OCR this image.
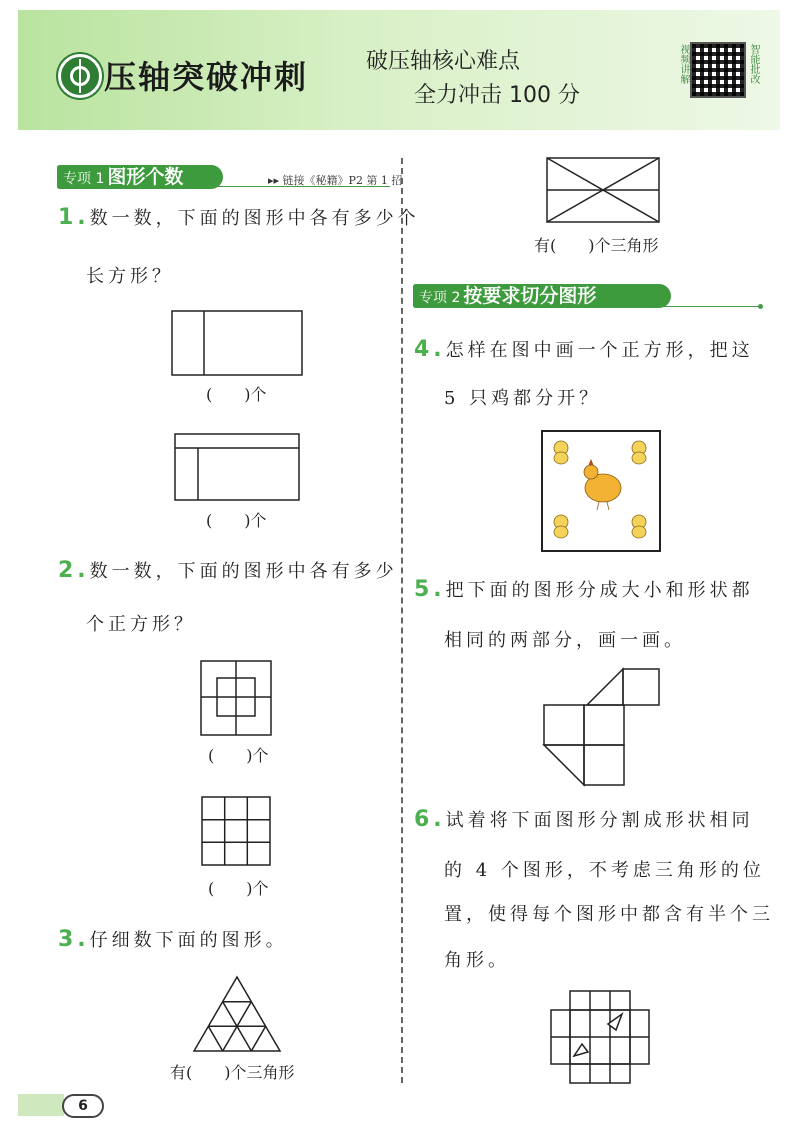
压轴突破冲刺	破压轴核心难点
全力冲击 100 分
视频讲解	智能批改
专项 1 图形个数	▸▸ 链接《秘籍》P2 第 1 招
1.数一数，下面的图形中各有多少个
长方形？
(　　)个
(　　)个
2.数一数，下面的图形中各有多少
个正方形？
(　　)个
(　　)个
3.仔细数下面的图形。
有(　　)个三角形
有(　　)个三角形
专项 2 按要求切分图形
4.怎样在图中画一个正方形，把这
5 只鸡都分开？
5.把下面的图形分成大小和形状都
相同的两部分，画一画。
6.试着将下面图形分割成形状相同
的 4 个图形，不考虑三角形的位
置，使得每个图形中都含有半个三
角形。
6
